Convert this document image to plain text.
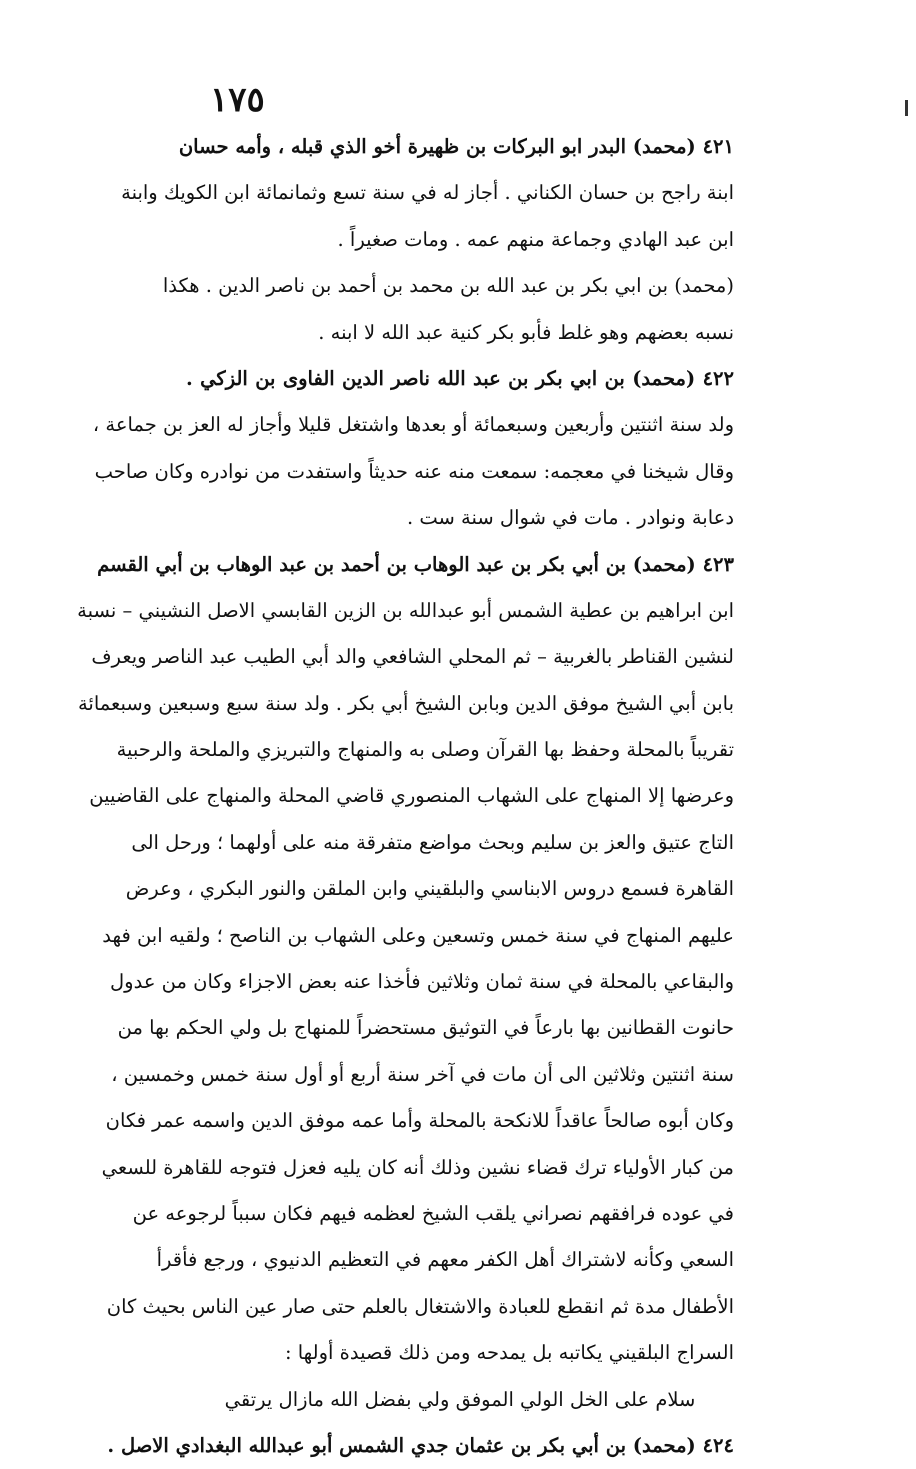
١٧٥
٤٢١ (محمد) البدر ابو البركات بن ظهيرة أخو الذي قبله ، وأمه حسان
ابنة راجح بن حسان الكناني . أجاز له في سنة تسع وثمانمائة ابن الكويك وابنة
ابن عبد الهادي وجماعة منهم عمه . ومات صغيراً .
(محمد) بن ابي بكر بن عبد الله بن محمد بن أحمد بن ناصر الدين . هكذا
نسبه بعضهم وهو غلط فأبو بكر كنية عبد الله لا ابنه .
٤٢٢ (محمد) بن ابي بكر بن عبد الله ناصر الدين الفاوى بن الزكي .
ولد سنة اثنتين وأربعين وسبعمائة أو بعدها واشتغل قليلا وأجاز له العز بن جماعة ،
وقال شيخنا في معجمه: سمعت منه عنه حديثاً واستفدت من نوادره وكان صاحب
دعابة ونوادر . مات في شوال سنة ست .
٤٢٣ (محمد) بن أبي بكر بن عبد الوهاب بن أحمد بن عبد الوهاب بن أبي القسم
ابن ابراهيم بن عطية الشمس أبو عبدالله بن الزين القابسي الاصل النشيني – نسبة
لنشين القناطر بالغربية – ثم المحلي الشافعي والد أبي الطيب عبد الناصر ويعرف
بابن أبي الشيخ موفق الدين وبابن الشيخ أبي بكر . ولد سنة سبع وسبعين وسبعمائة
تقريباً بالمحلة وحفظ بها القرآن وصلى به والمنهاج والتبريزي والملحة والرحبية
وعرضها إلا المنهاج على الشهاب المنصوري قاضي المحلة والمنهاج على القاضيين
التاج عتيق والعز بن سليم وبحث مواضع متفرقة منه على أولهما ؛ ورحل الى
القاهرة فسمع دروس الابناسي والبلقيني وابن الملقن والنور البكري ، وعرض
عليهم المنهاج في سنة خمس وتسعين وعلى الشهاب بن الناصح ؛ ولقيه ابن فهد
والبقاعي بالمحلة في سنة ثمان وثلاثين فأخذا عنه بعض الاجزاء وكان من عدول
حانوت القطانين بها بارعاً في التوثيق مستحضراً للمنهاج بل ولي الحكم بها من
سنة اثنتين وثلاثين الى أن مات في آخر سنة أربع أو أول سنة خمس وخمسين ،
وكان أبوه صالحاً عاقداً للانكحة بالمحلة وأما عمه موفق الدين واسمه عمر فكان
من كبار الأولياء ترك قضاء نشين وذلك أنه كان يليه فعزل فتوجه للقاهرة للسعي
في عوده فرافقهم نصراني يلقب الشيخ لعظمه فيهم فكان سبباً لرجوعه عن
السعي وكأنه لاشتراك أهل الكفر معهم في التعظيم الدنيوي ، ورجع فأقرأ
الأطفال مدة ثم انقطع للعبادة والاشتغال بالعلم حتى صار عين الناس بحيث كان
السراج البلقيني يكاتبه بل يمدحه ومن ذلك قصيدة أولها :
سلام على الخل الولي الموفق ولي بفضل الله مازال يرتقي
٤٢٤ (محمد) بن أبي بكر بن عثمان جدي الشمس أبو عبدالله البغدادي الاصل .
